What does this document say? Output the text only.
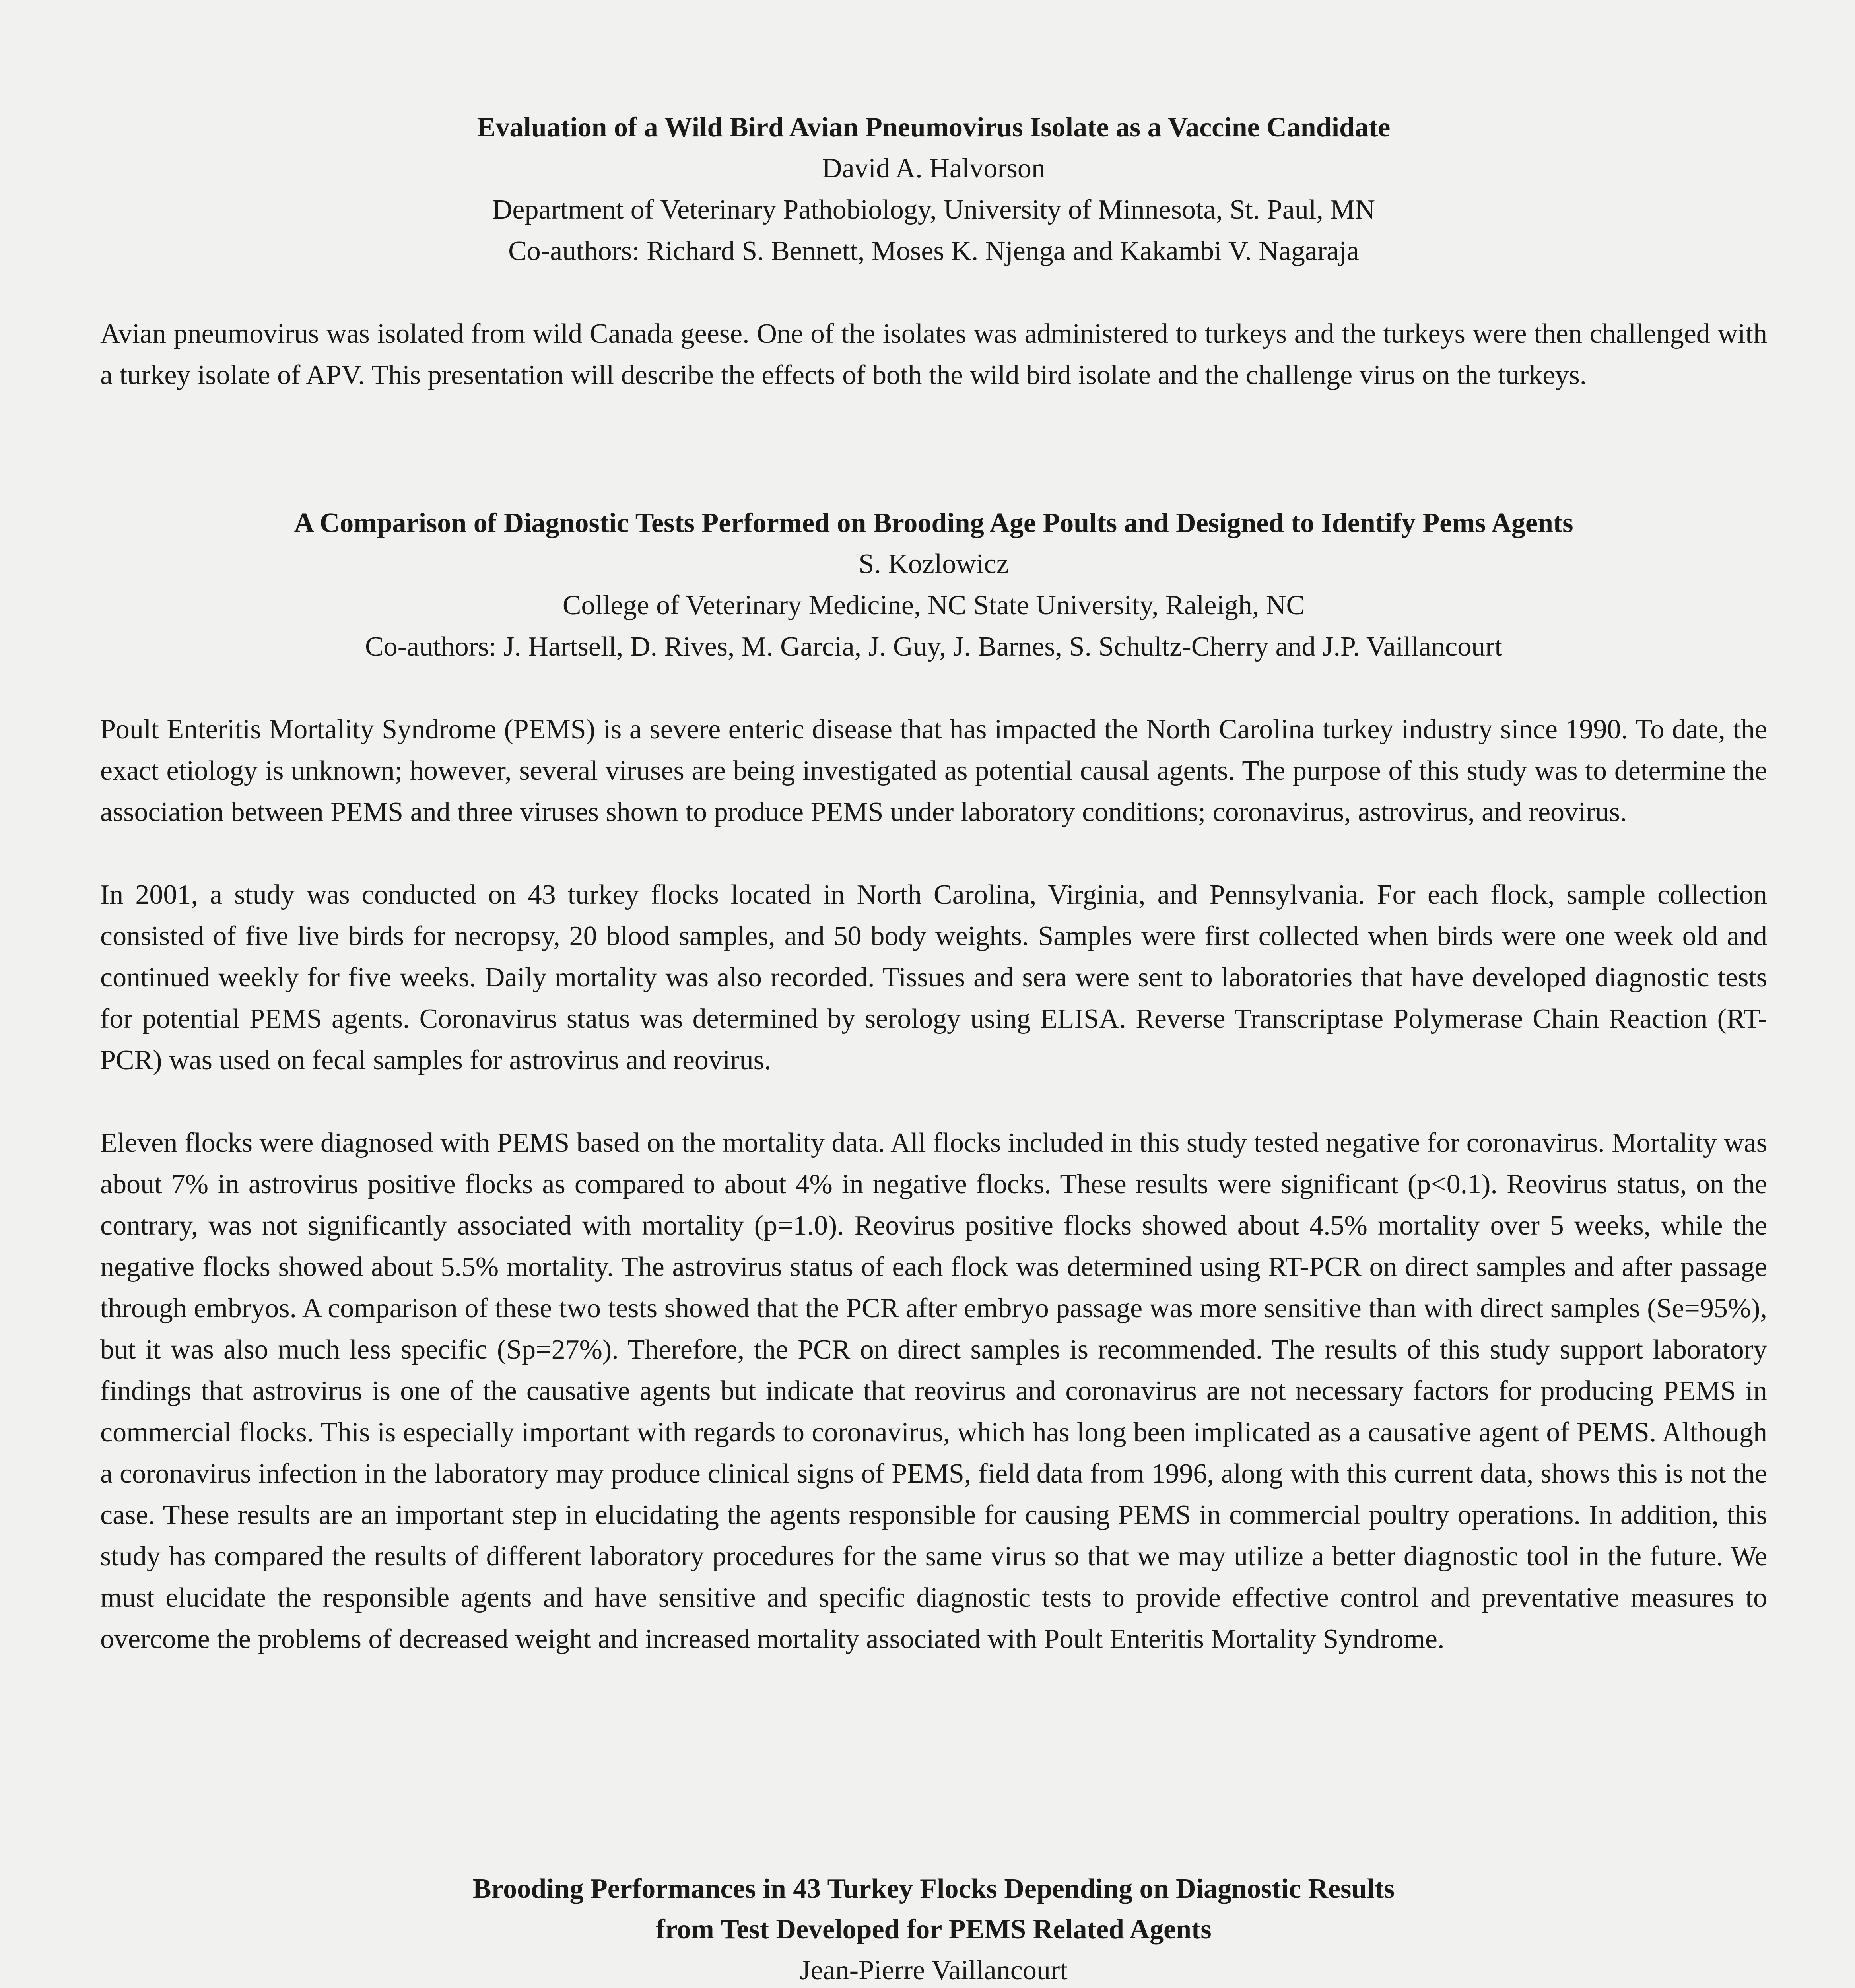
Evaluation of a Wild Bird Avian Pneumovirus Isolate as a Vaccine Candidate
David A. Halvorson
Department of Veterinary Pathobiology, University of Minnesota, St. Paul, MN
Co-authors: Richard S. Bennett, Moses K. Njenga and Kakambi V. Nagaraja

Avian pneumovirus was isolated from wild Canada geese. One of the isolates was administered to turkeys and the turkeys were then challenged with a turkey isolate of APV. This presentation will describe the effects of both the wild bird isolate and the challenge virus on the turkeys.

A Comparison of Diagnostic Tests Performed on Brooding Age Poults and Designed to Identify Pems Agents
S. Kozlowicz
College of Veterinary Medicine, NC State University, Raleigh, NC
Co-authors: J. Hartsell, D. Rives, M. Garcia, J. Guy, J. Barnes, S. Schultz-Cherry and J.P. Vaillancourt

Poult Enteritis Mortality Syndrome (PEMS) is a severe enteric disease that has impacted the North Carolina turkey industry since 1990. To date, the exact etiology is unknown; however, several viruses are being investigated as potential causal agents. The purpose of this study was to determine the association between PEMS and three viruses shown to produce PEMS under laboratory conditions; coronavirus, astrovirus, and reovirus.

In 2001, a study was conducted on 43 turkey flocks located in North Carolina, Virginia, and Pennsylvania. For each flock, sample collection consisted of five live birds for necropsy, 20 blood samples, and 50 body weights. Samples were first collected when birds were one week old and continued weekly for five weeks. Daily mortality was also recorded. Tissues and sera were sent to laboratories that have developed diagnostic tests for potential PEMS agents. Coronavirus status was determined by serology using ELISA. Reverse Transcriptase Polymerase Chain Reaction (RT-PCR) was used on fecal samples for astrovirus and reovirus.

Eleven flocks were diagnosed with PEMS based on the mortality data. All flocks included in this study tested negative for coronavirus. Mortality was about 7% in astrovirus positive flocks as compared to about 4% in negative flocks. These results were significant (p<0.1). Reovirus status, on the contrary, was not significantly associated with mortality (p=1.0). Reovirus positive flocks showed about 4.5% mortality over 5 weeks, while the negative flocks showed about 5.5% mortality. The astrovirus status of each flock was determined using RT-PCR on direct samples and after passage through embryos. A comparison of these two tests showed that the PCR after embryo passage was more sensitive than with direct samples (Se=95%), but it was also much less specific (Sp=27%). Therefore, the PCR on direct samples is recommended. The results of this study support laboratory findings that astrovirus is one of the causative agents but indicate that reovirus and coronavirus are not necessary factors for producing PEMS in commercial flocks. This is especially important with regards to coronavirus, which has long been implicated as a causative agent of PEMS. Although a coronavirus infection in the laboratory may produce clinical signs of PEMS, field data from 1996, along with this current data, shows this is not the case. These results are an important step in elucidating the agents responsible for causing PEMS in commercial poultry operations. In addition, this study has compared the results of different laboratory procedures for the same virus so that we may utilize a better diagnostic tool in the future. We must elucidate the responsible agents and have sensitive and specific diagnostic tests to provide effective control and preventative measures to overcome the problems of decreased weight and increased mortality associated with Poult Enteritis Mortality Syndrome.

Brooding Performances in 43 Turkey Flocks Depending on Diagnostic Results
from Test Developed for PEMS Related Agents
Jean-Pierre Vaillancourt
